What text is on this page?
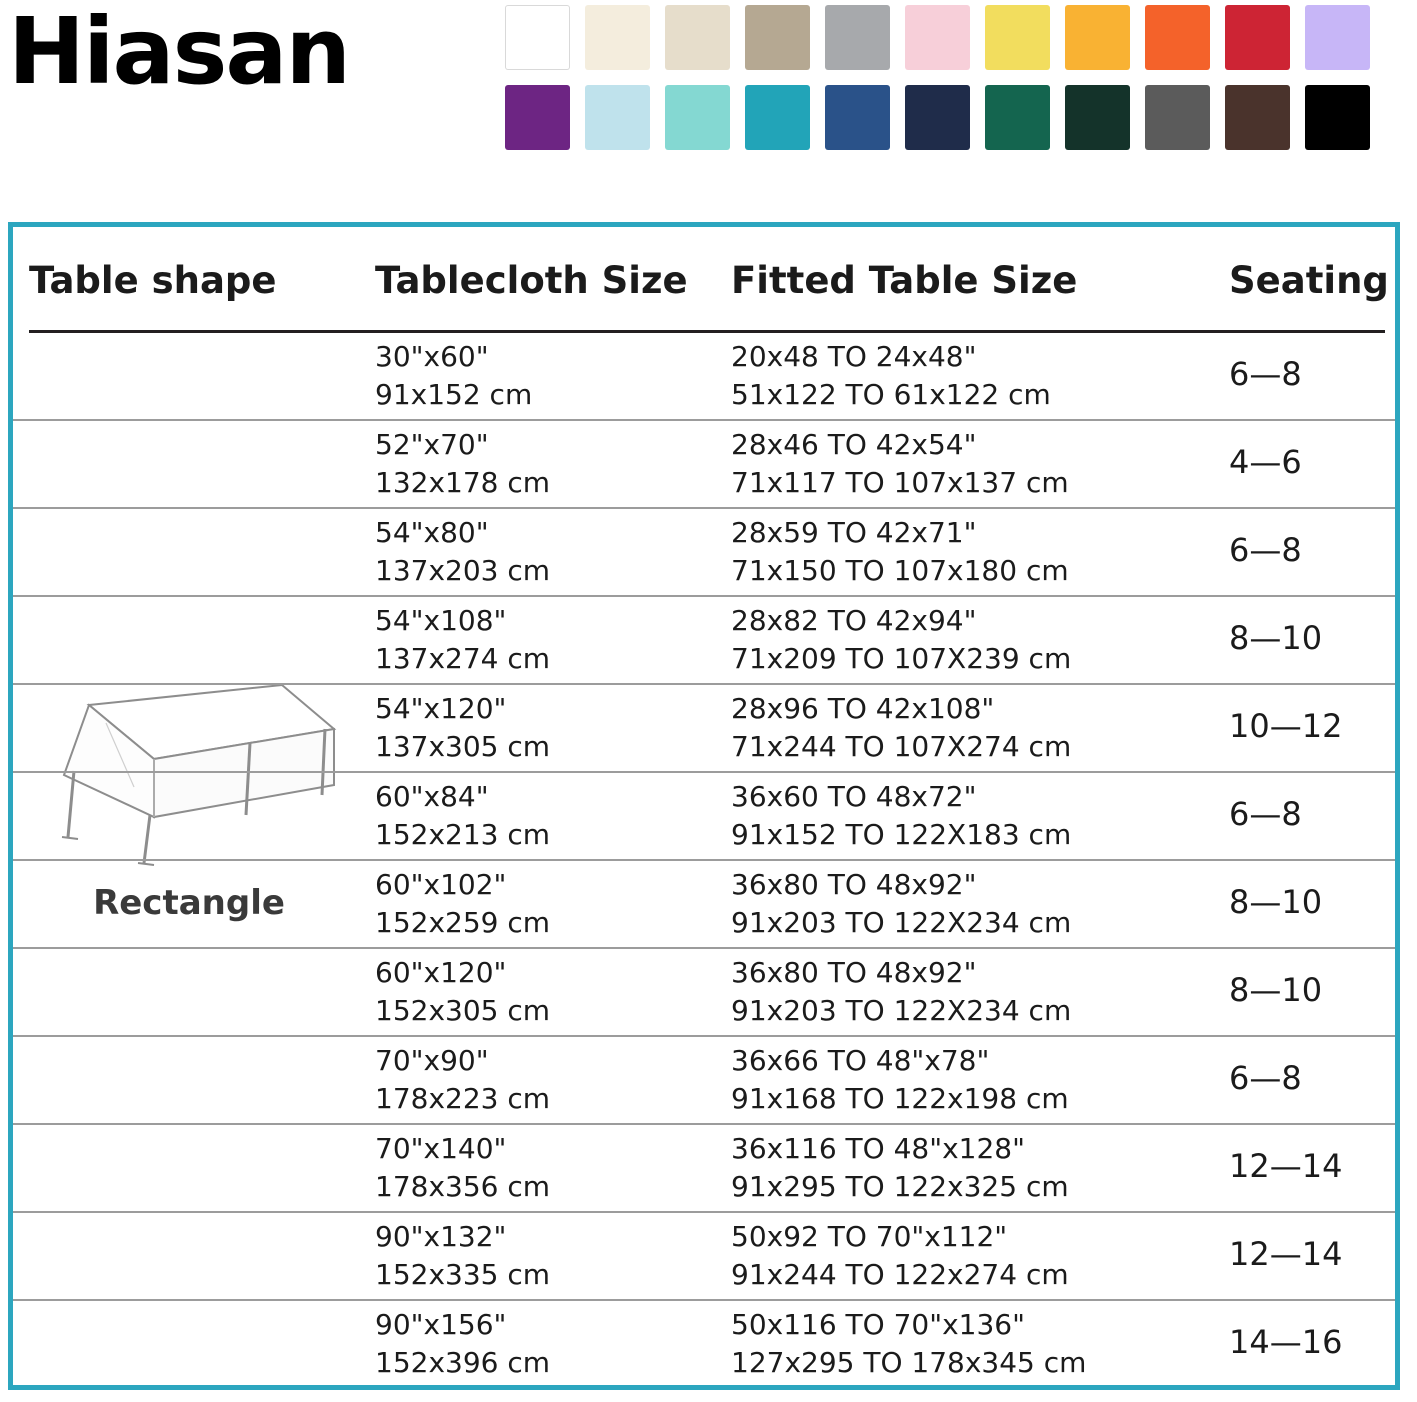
Hiasan
Table shape	Tablecloth Size Fitted Table Size	Seating
Rectangle
30"x60"
91x152 cm
20x48 TO 24x48"
51x122 TO 61x122 cm
6—8
52"x70"
132x178 cm
28x46 TO 42x54"
71x117 TO 107x137 cm
4—6
54"x80"
137x203 cm
28x59 TO 42x71"
71x150 TO 107x180 cm
6—8
54"x108"
137x274 cm
28x82 TO 42x94"
71x209 TO 107X239 cm
8—10
54"x120"
137x305 cm
28x96 TO 42x108"
71x244 TO 107X274 cm
10—12
60"x84"
152x213 cm
36x60 TO 48x72"
91x152 TO 122X183 cm
6—8
60"x102"
152x259 cm
36x80 TO 48x92"
91x203 TO 122X234 cm
8—10
60"x120"
152x305 cm
36x80 TO 48x92"
91x203 TO 122X234 cm
8—10
70"x90"
178x223 cm
36x66 TO 48"x78"
91x168 TO 122x198 cm
6—8
70"x140"
178x356 cm
36x116 TO 48"x128"
91x295 TO 122x325 cm
12—14
90"x132"
152x335 cm
50x92 TO 70"x112"
91x244 TO 122x274 cm
12—14
90"x156"
152x396 cm
50x116 TO 70"x136"
127x295 TO 178x345 cm
14—16
